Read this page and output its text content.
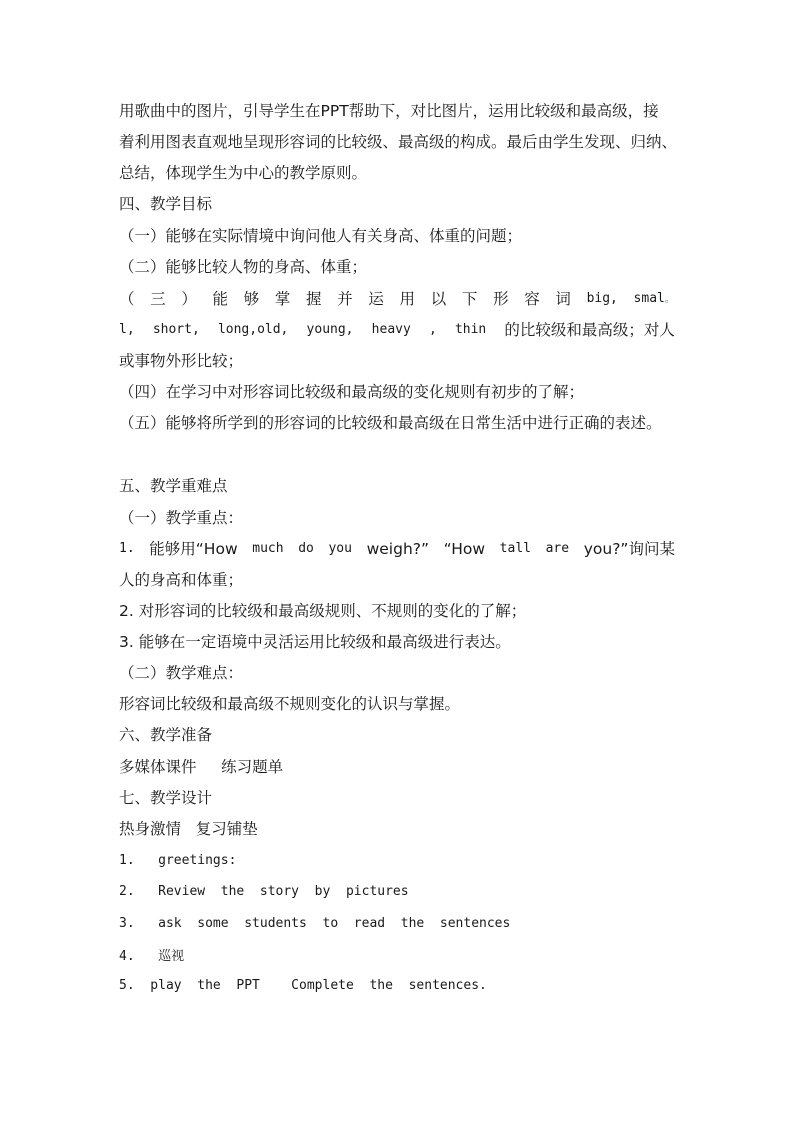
用歌曲中的图片，引导学生在PPT帮助下，对比图片，运用比较级和最高级，接
着利用图表直观地呈现形容词的比较级、最高级的构成。最后由学生发现、归纳、
总结，体现学生为中心的教学原则。
四、教学目标
（一）能够在实际情境中询问他人有关身高、体重的问题；
（二）能够比较人物的身高、体重；
（ 三 ） 能 够 掌 握 并 运 用 以 下 形 容 词 big, smal。
l, short, long,old, young, heavy , thin 的比较级和最高级；对人
或事物外形比较；
（四）在学习中对形容词比较级和最高级的变化规则有初步的了解；
（五）能够将所学到的形容词的比较级和最高级在日常生活中进行正确的表述。
五、教学重难点
（一）教学重点：
1. 能够用“How much do you weigh?” “How tall are you?”询问某
人的身高和体重；
2. 对形容词的比较级和最高级规则、不规则的变化的了解；
3. 能够在一定语境中灵活运用比较级和最高级进行表达。
（二）教学难点：
形容词比较级和最高级不规则变化的认识与掌握。
六、教学准备
多媒体课件     练习题单
七、教学设计
热身激情   复习铺垫
1.   greetings:
2.   Review  the  story  by  pictures
3.   ask  some  students  to  read  the  sentences
4.   巡视
5.  play  the  PPT    Complete  the  sentences.
